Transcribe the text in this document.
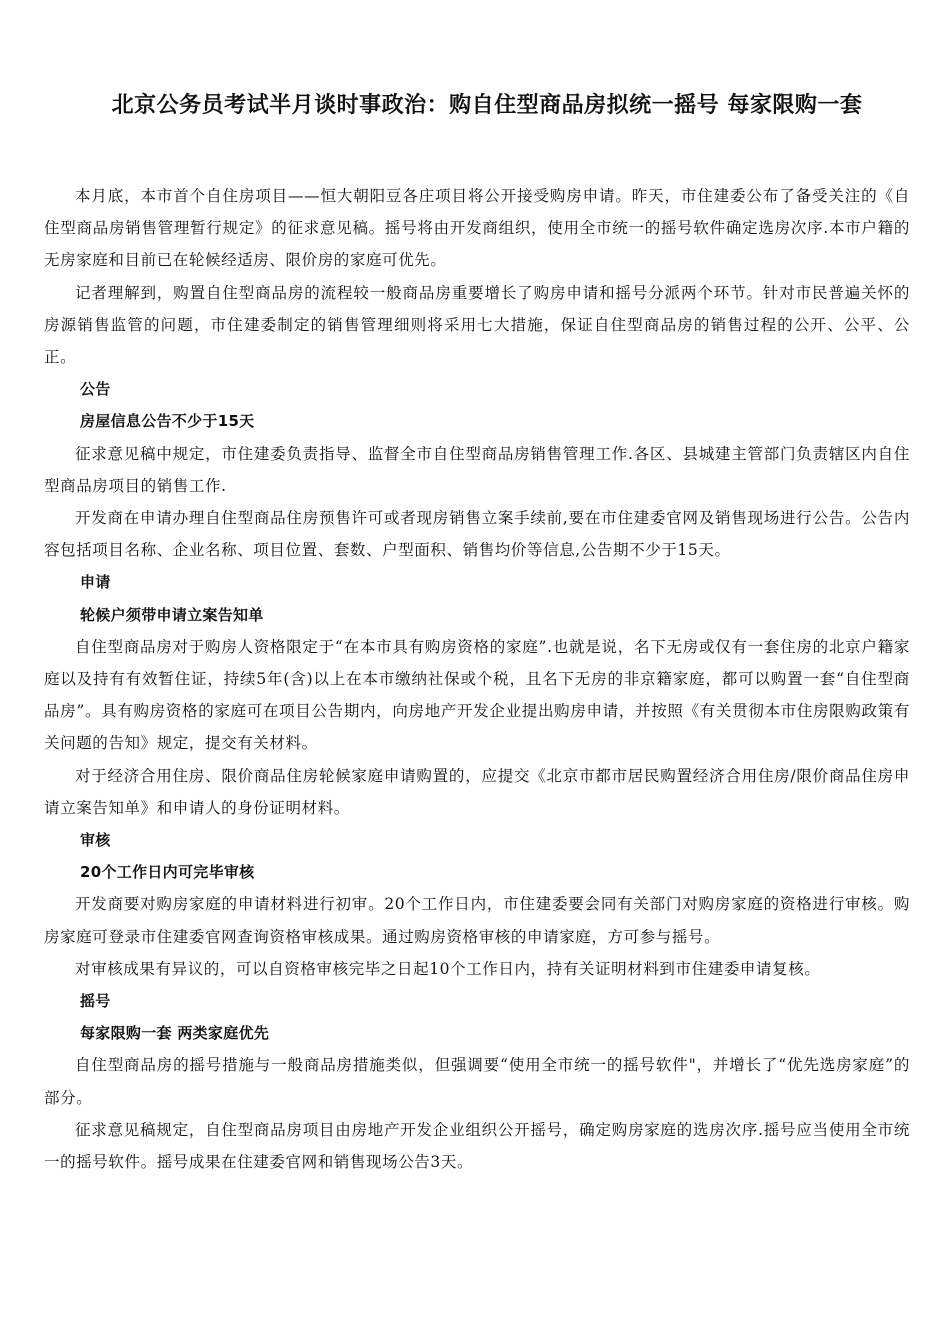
北京公务员考试半月谈时事政治：购自住型商品房拟统一摇号 每家限购一套

本月底，本市首个自住房项目——恒大朝阳豆各庄项目将公开接受购房申请。昨天，市住建委公布了备受关注的《自住型商品房销售管理暂行规定》的征求意见稿。摇号将由开发商组织，使用全市统一的摇号软件确定选房次序.本市户籍的无房家庭和目前已在轮候经适房、限价房的家庭可优先。

记者理解到，购置自住型商品房的流程较一般商品房重要增长了购房申请和摇号分派两个环节。针对市民普遍关怀的房源销售监管的问题，市住建委制定的销售管理细则将采用七大措施，保证自住型商品房的销售过程的公开、公平、公正。

公告

房屋信息公告不少于15天

征求意见稿中规定，市住建委负责指导、监督全市自住型商品房销售管理工作.各区、县城建主管部门负责辖区内自住型商品房项目的销售工作.

开发商在申请办理自住型商品住房预售许可或者现房销售立案手续前,要在市住建委官网及销售现场进行公告。公告内容包括项目名称、企业名称、项目位置、套数、户型面积、销售均价等信息,公告期不少于15天。

申请

轮候户须带申请立案告知单

自住型商品房对于购房人资格限定于“在本市具有购房资格的家庭”.也就是说，名下无房或仅有一套住房的北京户籍家庭以及持有有效暂住证，持续5年(含)以上在本市缴纳社保或个税，且名下无房的非京籍家庭，都可以购置一套“自住型商品房”。具有购房资格的家庭可在项目公告期内，向房地产开发企业提出购房申请，并按照《有关贯彻本市住房限购政策有关问题的告知》规定，提交有关材料。

对于经济合用住房、限价商品住房轮候家庭申请购置的，应提交《北京市都市居民购置经济合用住房/限价商品住房申请立案告知单》和申请人的身份证明材料。

审核

20个工作日内可完毕审核

开发商要对购房家庭的申请材料进行初审。20个工作日内，市住建委要会同有关部门对购房家庭的资格进行审核。购房家庭可登录市住建委官网查询资格审核成果。通过购房资格审核的申请家庭，方可参与摇号。

对审核成果有异议的，可以自资格审核完毕之日起10个工作日内，持有关证明材料到市住建委申请复核。

摇号

每家限购一套 两类家庭优先

自住型商品房的摇号措施与一般商品房措施类似，但强调要“使用全市统一的摇号软件"，并增长了“优先选房家庭”的部分。

征求意见稿规定，自住型商品房项目由房地产开发企业组织公开摇号，确定购房家庭的选房次序.摇号应当使用全市统一的摇号软件。摇号成果在住建委官网和销售现场公告3天。
